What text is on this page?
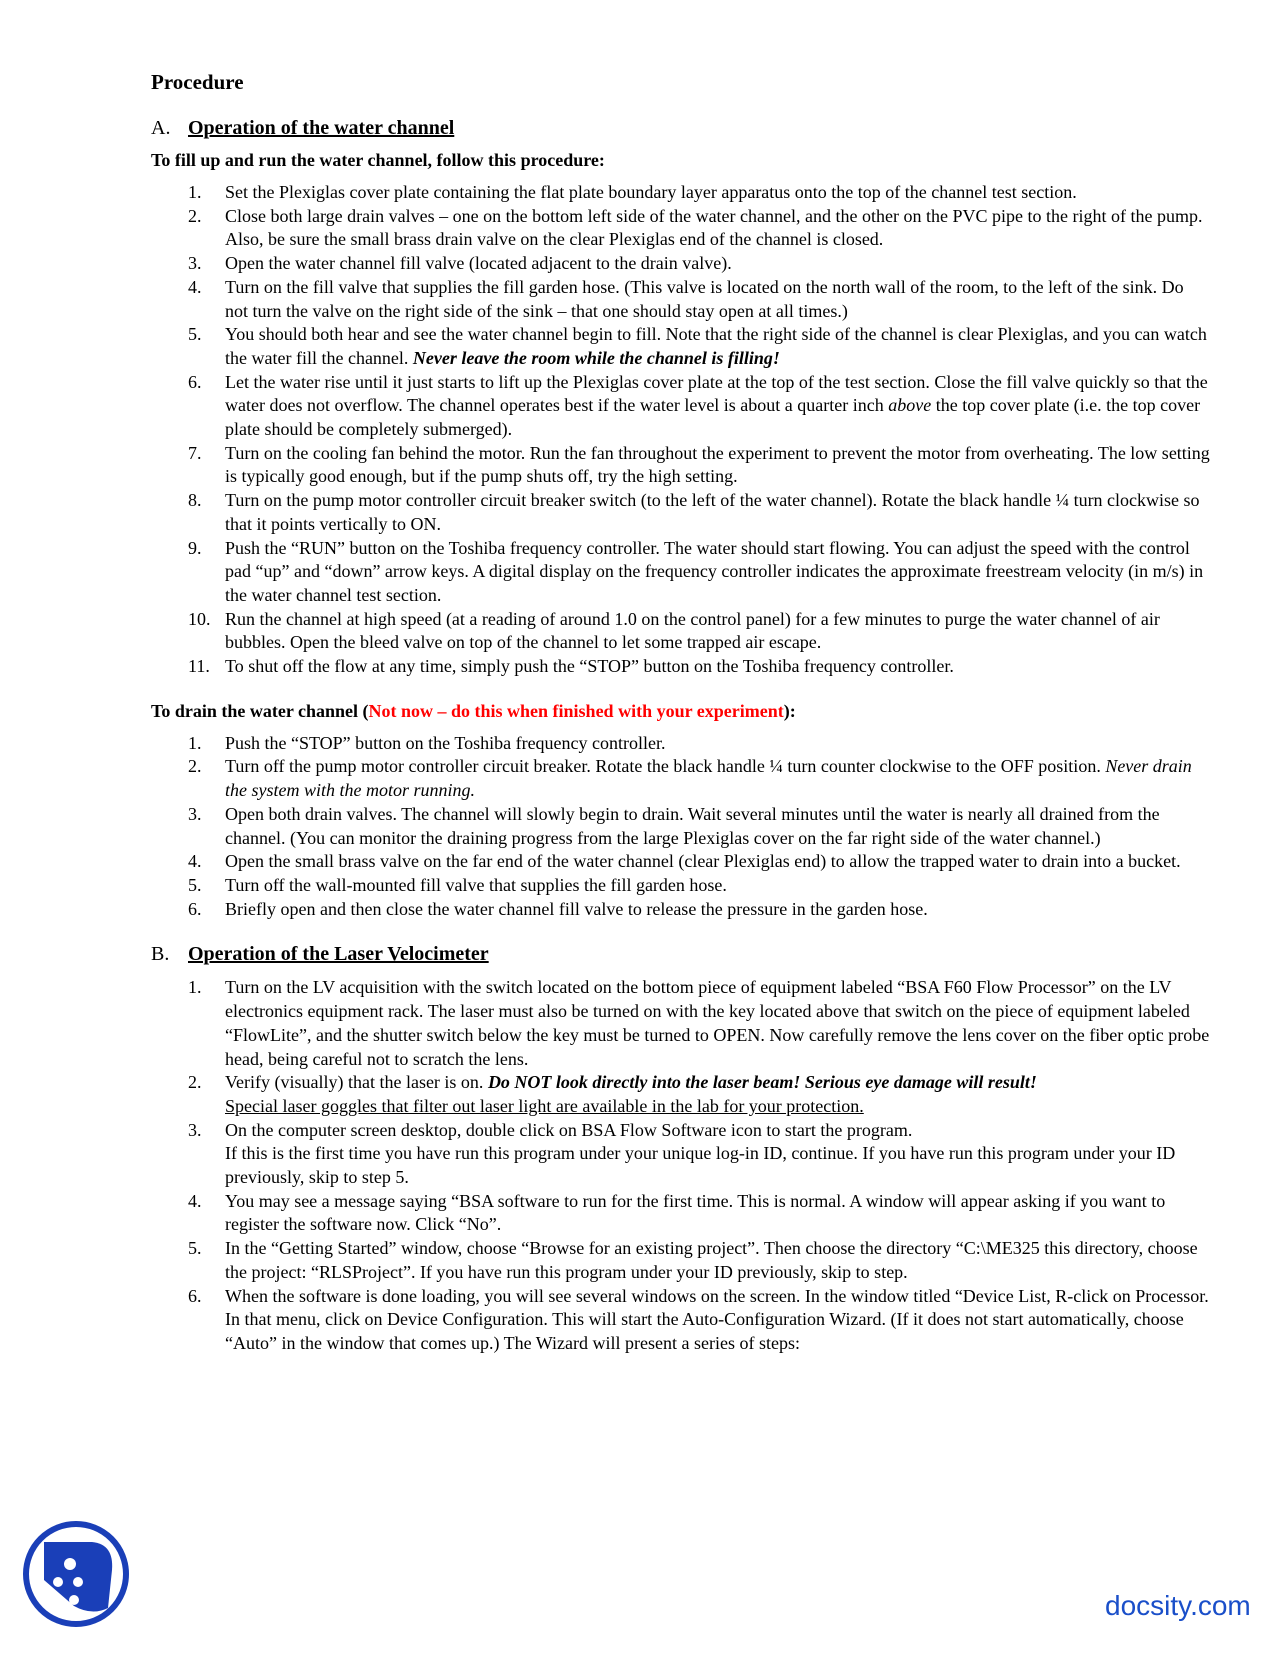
Procedure
A. Operation of the water channel
To fill up and run the water channel, follow this procedure:
1.	Set the Plexiglas cover plate containing the flat plate boundary layer apparatus onto the top of the channel test section.
2.	Close both large drain valves – one on the bottom left side of the water channel, and the other on the PVC pipe to the right of the pump. Also, be sure the small brass drain valve on the clear Plexiglas end of the channel is closed.
3.	Open the water channel fill valve (located adjacent to the drain valve).
4.	Turn on the fill valve that supplies the fill garden hose. (This valve is located on the north wall of the room, to the left of the sink. Do not turn the valve on the right side of the sink – that one should stay open at all times.)
5.	You should both hear and see the water channel begin to fill. Note that the right side of the channel is clear Plexiglas, and you can watch the water fill the channel. Never leave the room while the channel is filling!
6.	Let the water rise until it just starts to lift up the Plexiglas cover plate at the top of the test section. Close the fill valve quickly so that the water does not overflow. The channel operates best if the water level is about a quarter inch above the top cover plate (i.e. the top cover plate should be completely submerged).
7.	Turn on the cooling fan behind the motor. Run the fan throughout the experiment to prevent the motor from overheating. The low setting is typically good enough, but if the pump shuts off, try the high setting.
8.	Turn on the pump motor controller circuit breaker switch (to the left of the water channel). Rotate the black handle ¼ turn clockwise so that it points vertically to ON.
9.	Push the “RUN” button on the Toshiba frequency controller. The water should start flowing. You can adjust the speed with the control pad “up” and “down” arrow keys. A digital display on the frequency controller indicates the approximate freestream velocity (in m/s) in the water channel test section.
10. Run the channel at high speed (at a reading of around 1.0 on the control panel) for a few minutes to purge the water channel of air bubbles. Open the bleed valve on top of the channel to let some trapped air escape.
11. To shut off the flow at any time, simply push the “STOP” button on the Toshiba frequency controller.
To drain the water channel (Not now – do this when finished with your experiment):
1.	Push the “STOP” button on the Toshiba frequency controller.
2.	Turn off the pump motor controller circuit breaker. Rotate the black handle ¼ turn counter clockwise to the OFF position. Never drain the system with the motor running.
3.	Open both drain valves. The channel will slowly begin to drain. Wait several minutes until the water is nearly all drained from the channel. (You can monitor the draining progress from the large Plexiglas cover on the far right side of the water channel.)
4.	Open the small brass valve on the far end of the water channel (clear Plexiglas end) to allow the trapped water to drain into a bucket.
5.	Turn off the wall-mounted fill valve that supplies the fill garden hose.
6.	Briefly open and then close the water channel fill valve to release the pressure in the garden hose.
B. Operation of the Laser Velocimeter
1.	Turn on the LV acquisition with the switch located on the bottom piece of equipment labeled “BSA F60 Flow Processor” on the LV electronics equipment rack. The laser must also be turned on with the key located above that switch on the piece of equipment labeled “FlowLite”, and the shutter switch below the key must be turned to OPEN. Now carefully remove the lens cover on the fiber optic probe head, being careful not to scratch the lens.
2.	Verify (visually) that the laser is on. Do NOT look directly into the laser beam! Serious eye damage will result!
Special laser goggles that filter out laser light are available in the lab for your protection.
3.	On the computer screen desktop, double click on BSA Flow Software icon to start the program.
If this is the first time you have run this program under your unique log-in ID, continue. If you have run this program under your ID previously, skip to step 5.
4.	You may see a message saying “BSA software to run for the first time. This is normal. A window will appear asking if you want to register the software now. Click “No”.
5.	In the “Getting Started” window, choose “Browse for an existing project”. Then choose the directory “C:\ME325 this directory, choose the project: “RLSProject”. If you have run this program under your ID previously, skip to step.
6.	When the software is done loading, you will see several windows on the screen. In the window titled “Device List, R-click on Processor. In that menu, click on Device Configuration. This will start the Auto-Configuration Wizard. (If it does not start automatically, choose “Auto” in the window that comes up.) The Wizard will present a series of steps:
docsity.com
